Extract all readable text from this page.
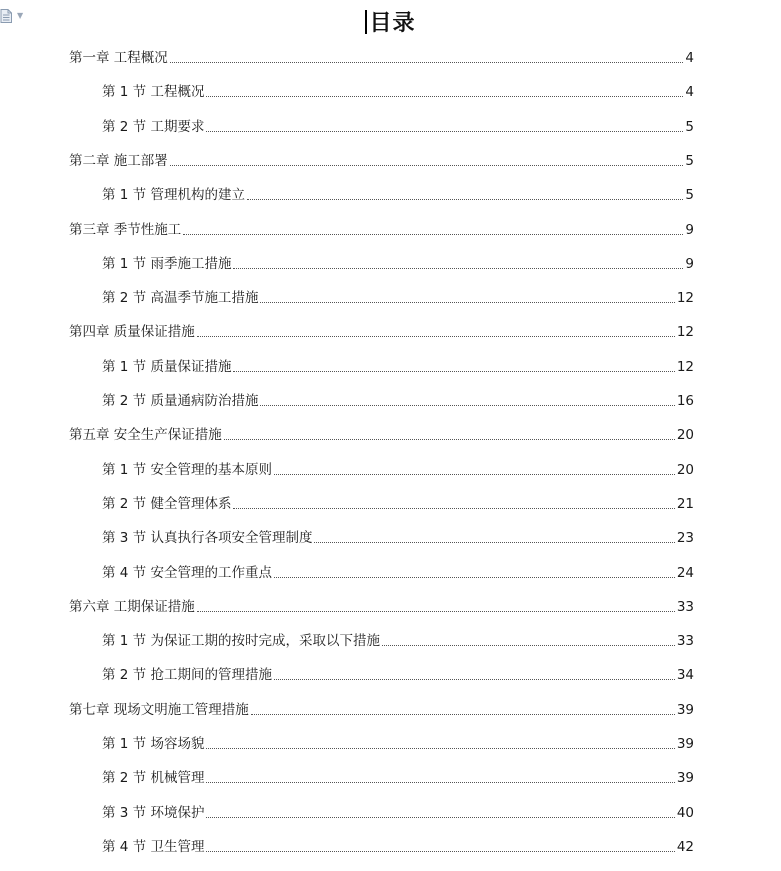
▼	目录
第一章 工程概况	4
第 1 节 工程概况	4
第 2 节 工期要求	5
第二章 施工部署	5
第 1 节 管理机构的建立	5
第三章 季节性施工	9
第 1 节 雨季施工措施	9
第 2 节 高温季节施工措施	12
第四章 质量保证措施	12
第 1 节 质量保证措施	12
第 2 节 质量通病防治措施	16
第五章 安全生产保证措施	20
第 1 节 安全管理的基本原则	20
第 2 节 健全管理体系	21
第 3 节 认真执行各项安全管理制度	23
第 4 节 安全管理的工作重点	24
第六章 工期保证措施	33
第 1 节 为保证工期的按时完成，采取以下措施	33
第 2 节 抢工期间的管理措施	34
第七章 现场文明施工管理措施	39
第 1 节 场容场貌	39
第 2 节 机械管理	39
第 3 节 环境保护	40
第 4 节 卫生管理	42
